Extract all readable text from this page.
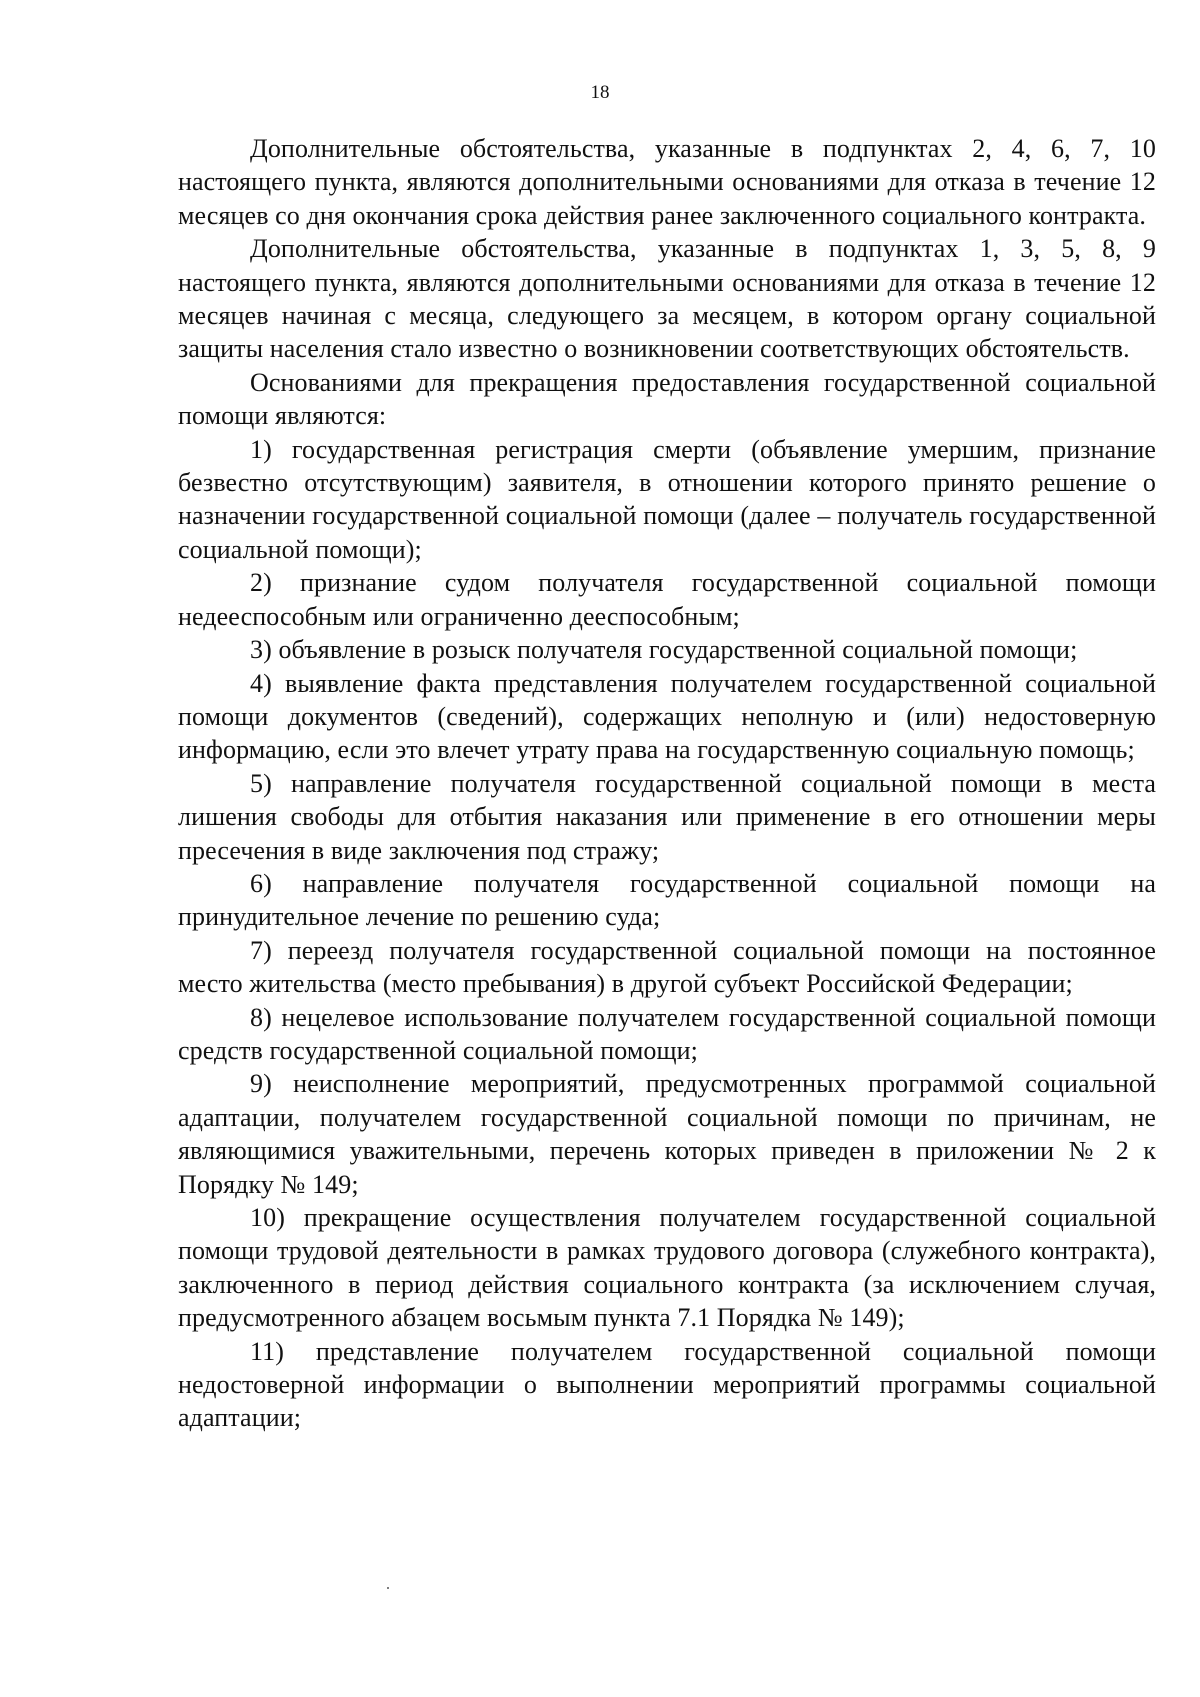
18

Дополнительные обстоятельства, указанные в подпунктах 2, 4, 6, 7, 10 настоящего пункта, являются дополнительными основаниями для отказа в течение 12 месяцев со дня окончания срока действия ранее заключенного социального контракта.

Дополнительные обстоятельства, указанные в подпунктах 1, 3, 5, 8, 9 настоящего пункта, являются дополнительными основаниями для отказа в течение 12 месяцев начиная с месяца, следующего за месяцем, в котором органу социальной защиты населения стало известно о возникновении соответствующих обстоятельств.

Основаниями для прекращения предоставления государственной социальной помощи являются:

1) государственная регистрация смерти (объявление умершим, признание безвестно отсутствующим) заявителя, в отношении которого принято решение о назначении государственной социальной помощи (далее – получатель государственной социальной помощи);

2) признание судом получателя государственной социальной помощи недееспособным или ограниченно дееспособным;

3) объявление в розыск получателя государственной социальной помощи;

4) выявление факта представления получателем государственной социальной помощи документов (сведений), содержащих неполную и (или) недостоверную информацию, если это влечет утрату права на государственную социальную помощь;

5) направление получателя государственной социальной помощи в места лишения свободы для отбытия наказания или применение в его отношении меры пресечения в виде заключения под стражу;

6) направление получателя государственной социальной помощи на принудительное лечение по решению суда;

7) переезд получателя государственной социальной помощи на постоянное место жительства (место пребывания) в другой субъект Российской Федерации;

8) нецелевое использование получателем государственной социальной помощи средств государственной социальной помощи;

9) неисполнение мероприятий, предусмотренных программой социальной адаптации, получателем государственной социальной помощи по причинам, не являющимися уважительными, перечень которых приведен в приложении № 2 к Порядку № 149;

10) прекращение осуществления получателем государственной социальной помощи трудовой деятельности в рамках трудового договора (служебного контракта), заключенного в период действия социального контракта (за исключением случая, предусмотренного абзацем восьмым пункта 7.1 Порядка № 149);

11) представление получателем государственной социальной помощи недостоверной информации о выполнении мероприятий программы социальной адаптации;
